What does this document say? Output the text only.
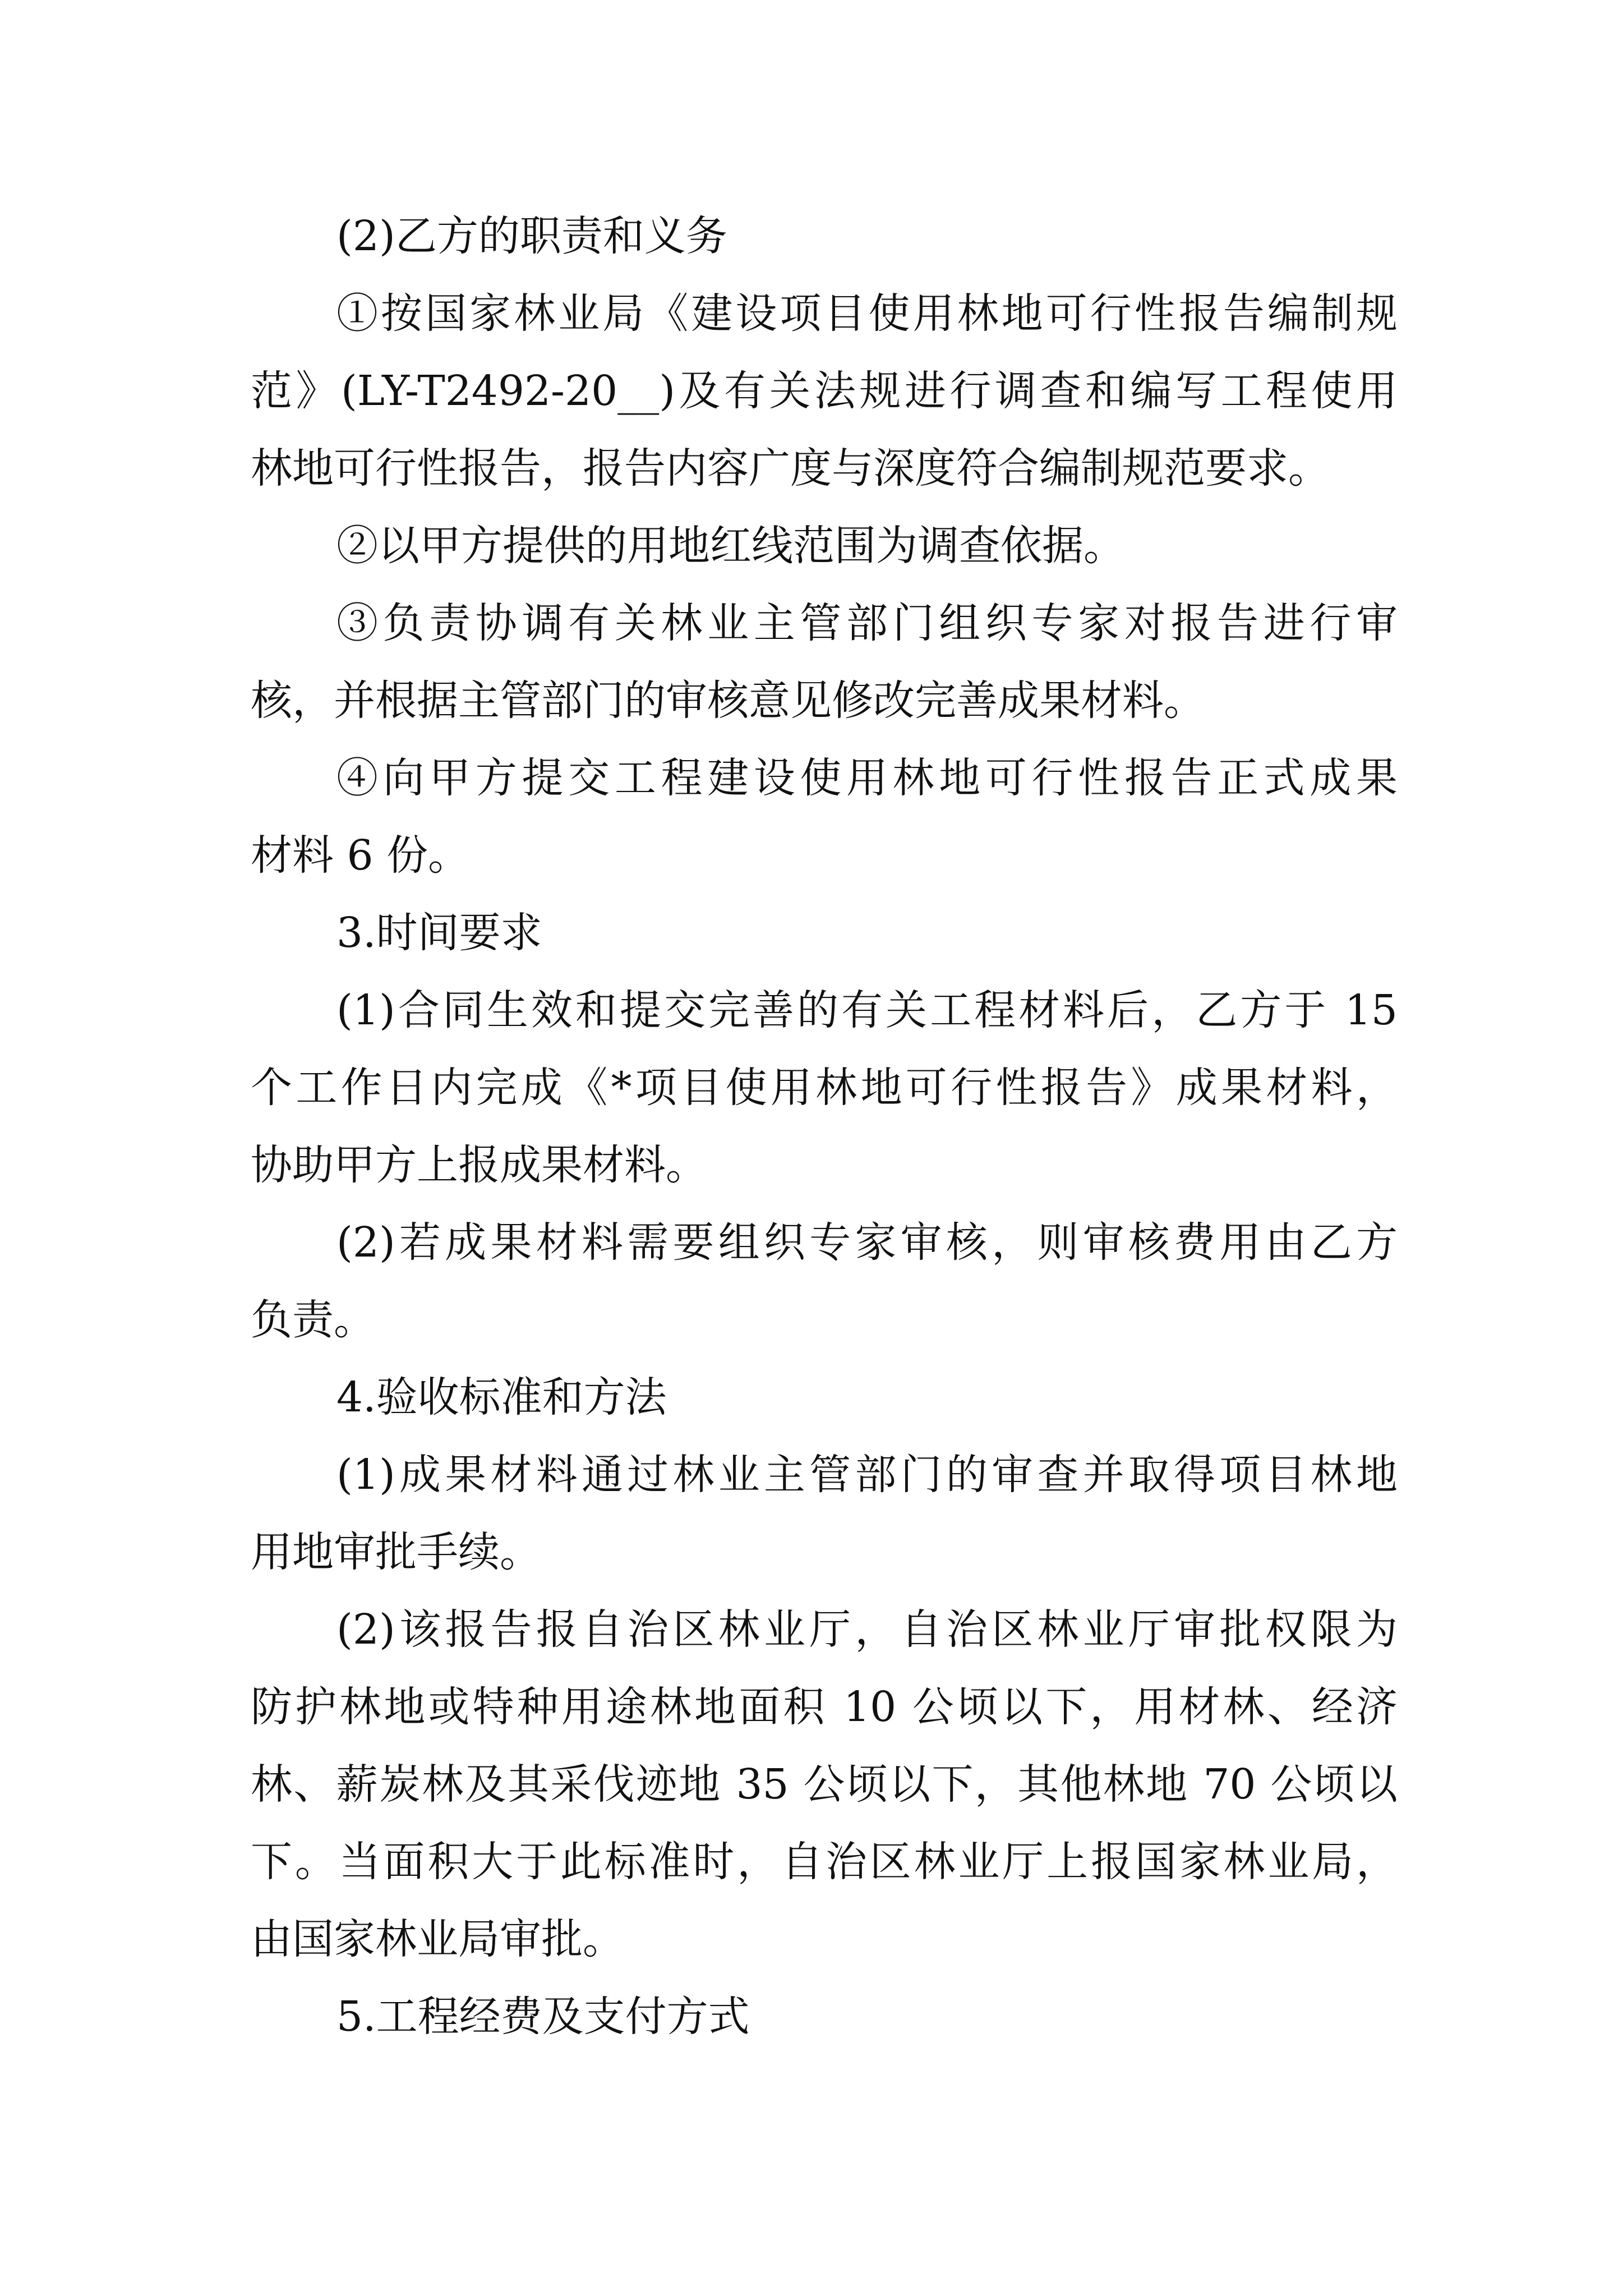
(2)乙方的职责和义务
①按国家林业局《建设项目使用林地可行性报告编制规
范》(LY-T2492-20__)及有关法规进行调查和编写工程使用
林地可行性报告，报告内容广度与深度符合编制规范要求。
②以甲方提供的用地红线范围为调查依据。
③负责协调有关林业主管部门组织专家对报告进行审
核，并根据主管部门的审核意见修改完善成果材料。
④向甲方提交工程建设使用林地可行性报告正式成果
材料 6 份。
3.时间要求
(1)合同生效和提交完善的有关工程材料后，乙方于 15
个工作日内完成《*项目使用林地可行性报告》成果材料，
协助甲方上报成果材料。
(2)若成果材料需要组织专家审核，则审核费用由乙方
负责。
4.验收标准和方法
(1)成果材料通过林业主管部门的审查并取得项目林地
用地审批手续。
(2)该报告报自治区林业厅，自治区林业厅审批权限为
防护林地或特种用途林地面积 10 公顷以下，用材林、经济
林、薪炭林及其采伐迹地 35 公顷以下，其他林地 70 公顷以
下。当面积大于此标准时，自治区林业厅上报国家林业局，
由国家林业局审批。
5.工程经费及支付方式
